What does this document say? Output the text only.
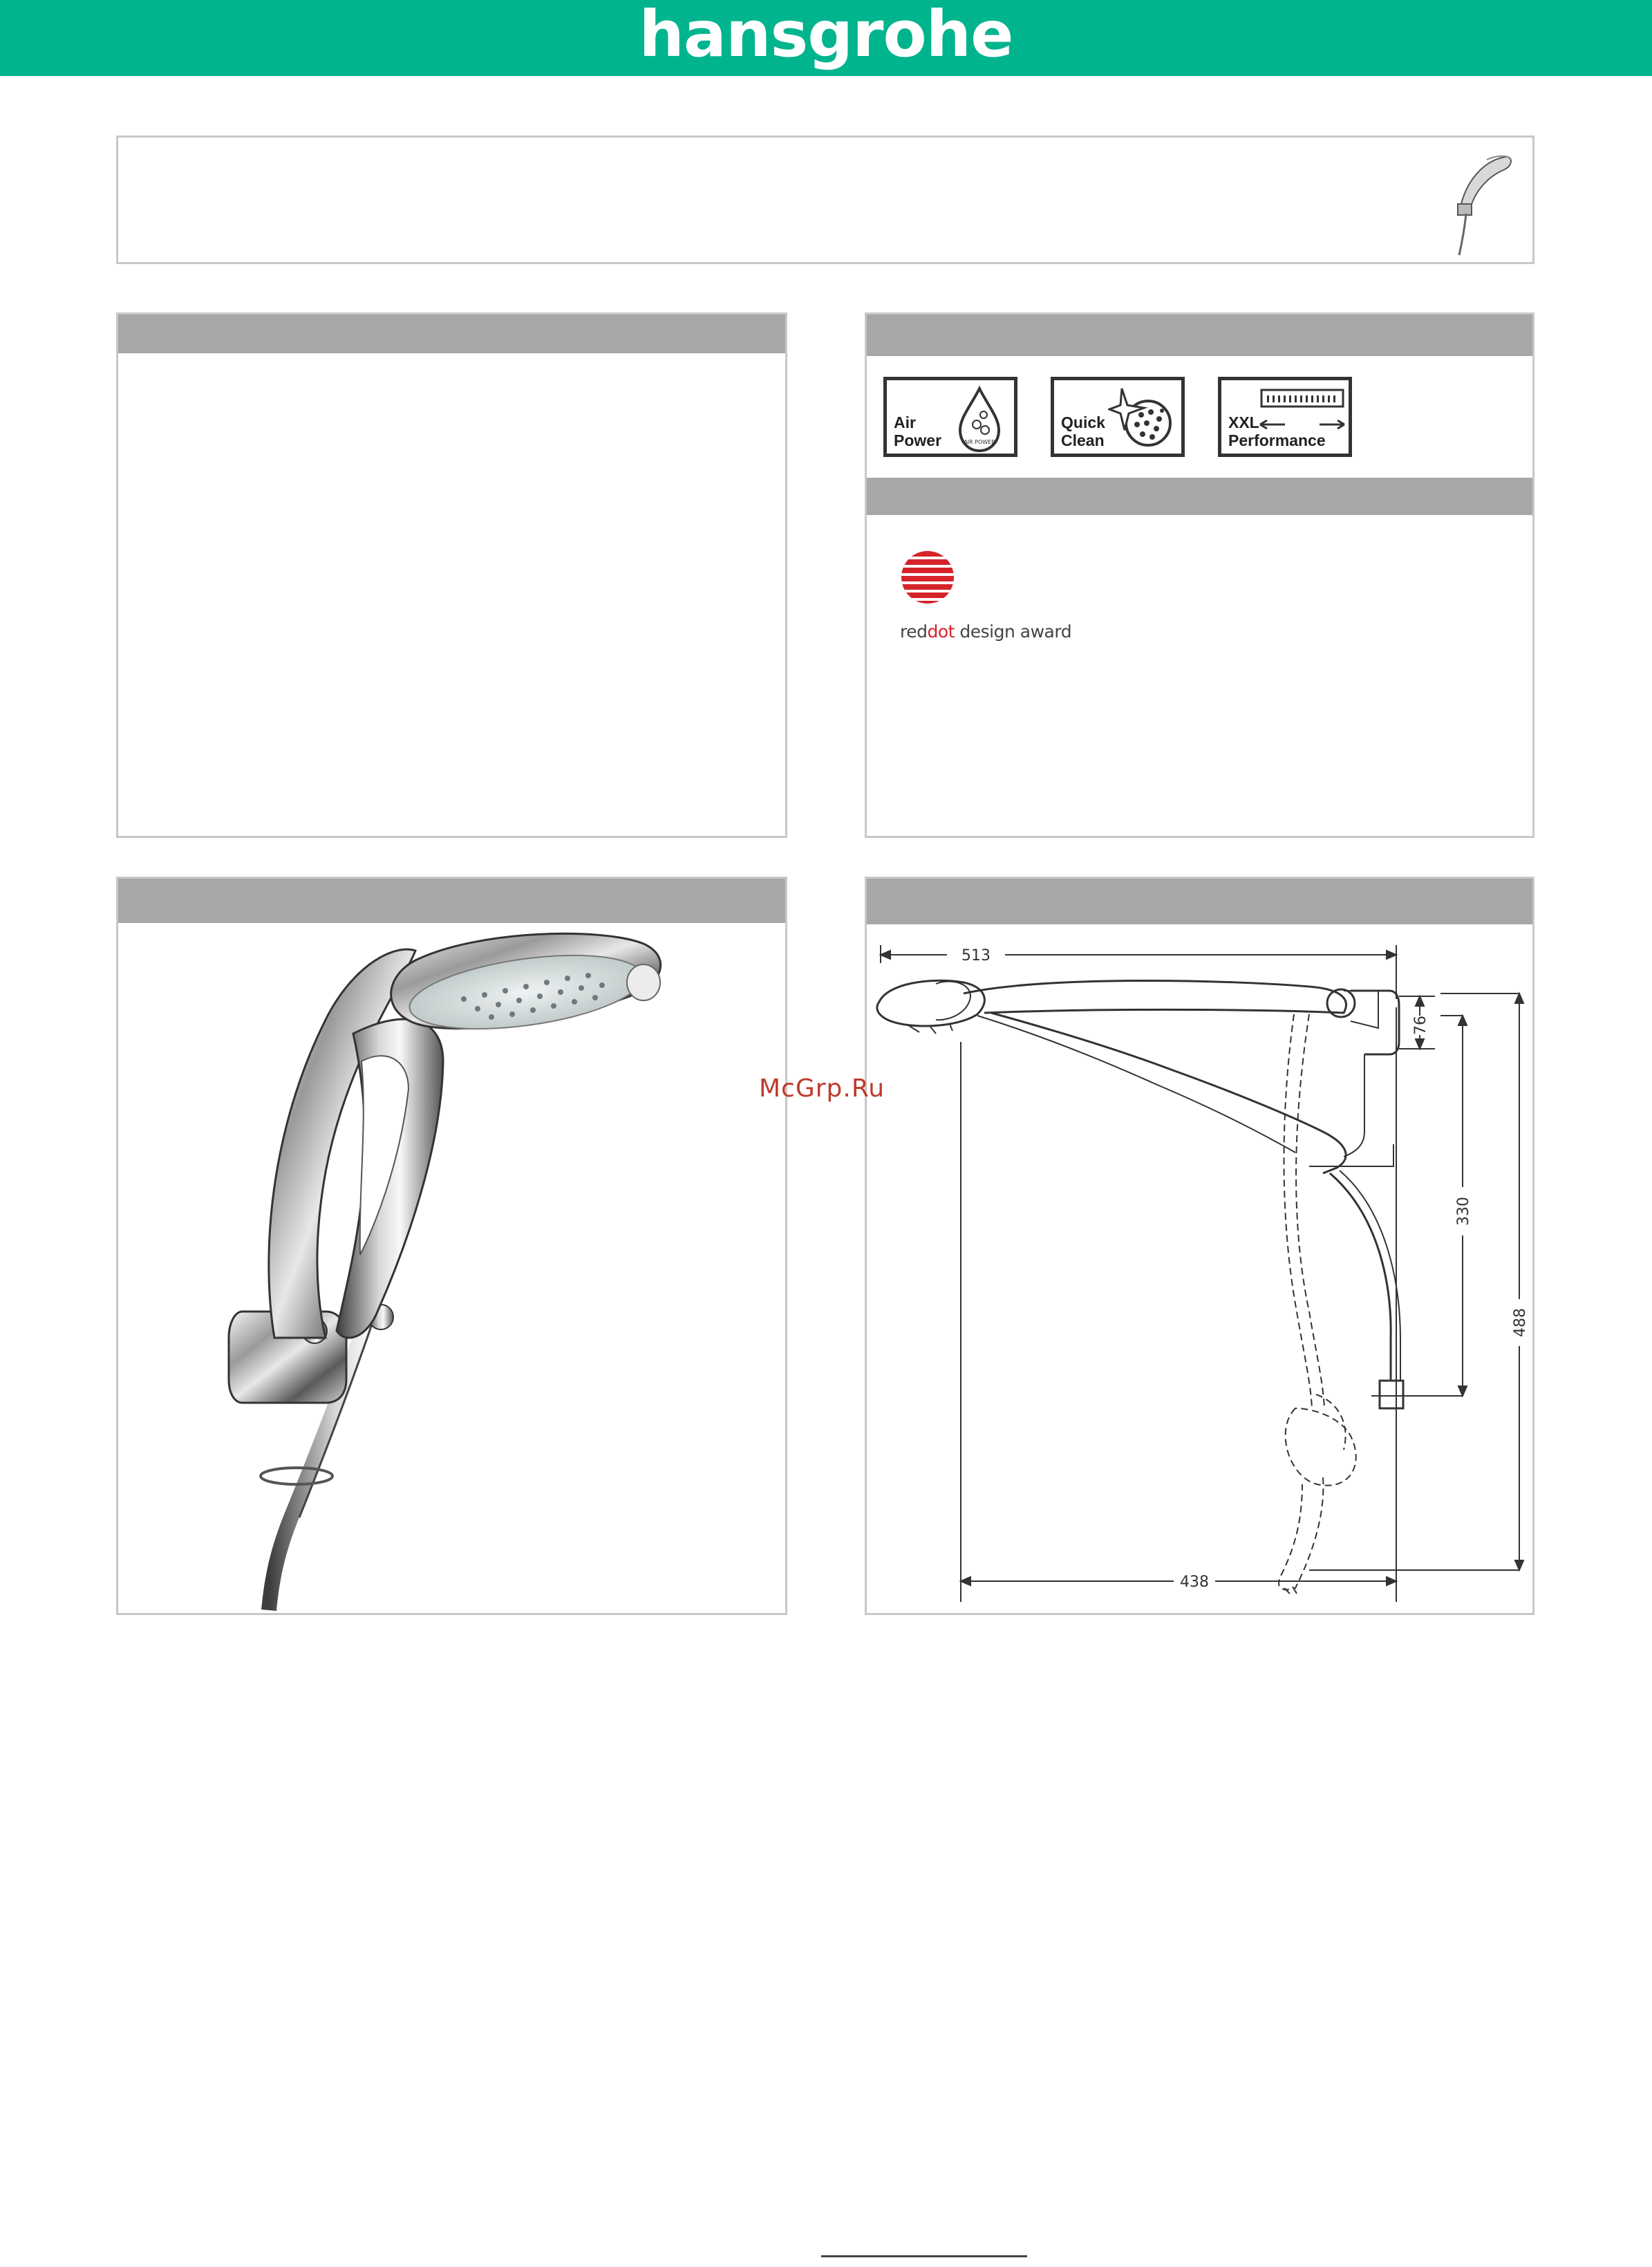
hansgrohe
AIR POWER
Air
Power
Quick
Clean
XXL
Performance
reddot design award
513
76
330
488
438
McGrp.Ru
